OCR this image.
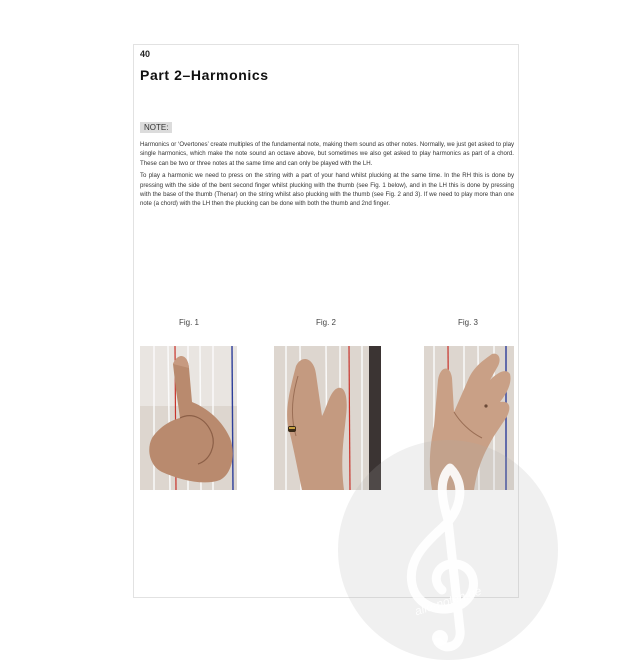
40
Part 2–Harmonics
NOTE:

Harmonics or ‘Overtones’ create multiples of the fundamental note, making them sound as other notes. Normally, we just get asked to play single harmonics, which make the note sound an octave above, but sometimes we also get asked to play harmonics as part of a chord. These can be two or three notes at the same time and can only be played with the LH.

To play a harmonic we need to press on the string with a part of your hand whilst plucking at the same time. In the RH this is done by pressing with the side of the bent second finger whilst plucking with the thumb (see Fig. 1 below), and in the LH this is done by pressing with the base of the thumb (Thenar) on the string whilst also plucking with the thumb (see Fig. 2 and 3). If we need to play more than one note (a chord) with the LH then the plucking can be done with both the thumb and 2nd finger.

Fig. 1	Fig. 2	Fig. 3
alle-noten.de
